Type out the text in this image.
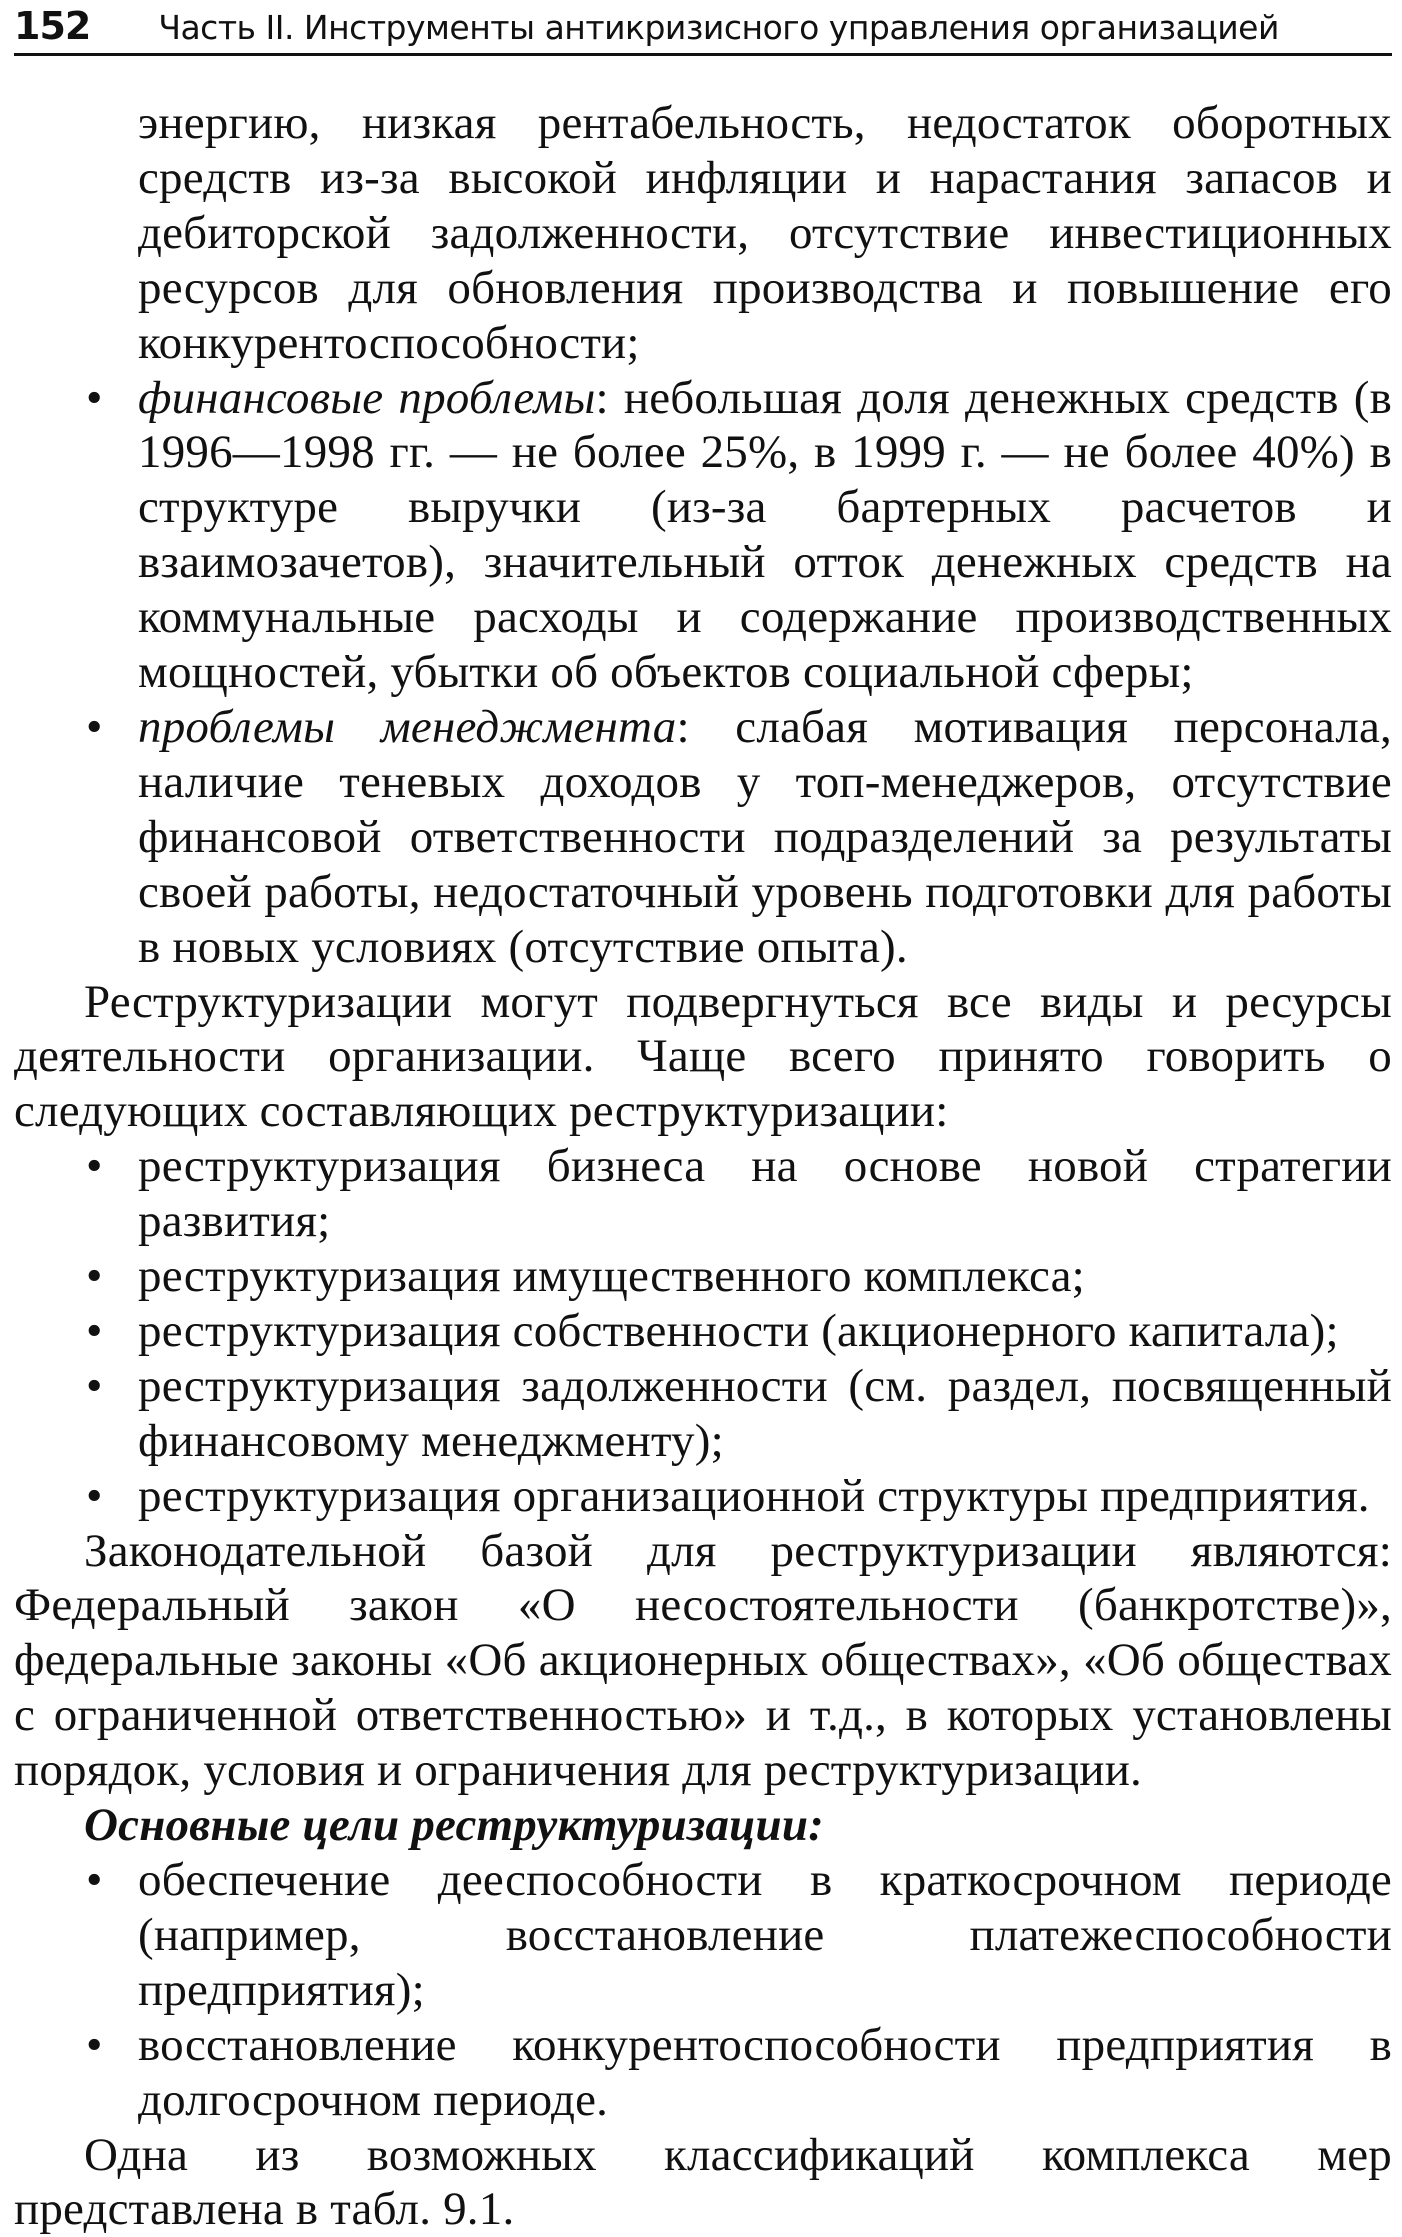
152 Часть II. Инструменты антикризисного управления организацией
энергию, низкая рентабельность, недостаток оборотных средств из-за высокой инфляции и нарастания запасов и дебиторской задолженности, отсутствие инвестиционных ресурсов для обновления производства и повышение его конкурентоспособности;
• финансовые проблемы: небольшая доля денежных средств (в 1996—1998 гг. — не более 25%, в 1999 г. — не более 40%) в структуре выручки (из-за бартерных расчетов и взаимозачетов), значительный отток денежных средств на коммунальные расходы и содержание производственных мощностей, убытки об объектов социальной сферы;
• проблемы менеджмента: слабая мотивация персонала, наличие теневых доходов у топ-менеджеров, отсутствие финансовой ответственности подразделений за результаты своей работы, недостаточный уровень подготовки для работы в новых условиях (отсутствие опыта).

Реструктуризации могут подвергнуться все виды и ресурсы деятельности организации. Чаще всего принято говорить о следующих составляющих реструктуризации:

• реструктуризация бизнеса на основе новой стратегии развития;
• реструктуризация имущественного комплекса;
• реструктуризация собственности (акционерного капитала);
• реструктуризация задолженности (см. раздел, посвященный финансовому менеджменту);
• реструктуризация организационной структуры предприятия.

Законодательной базой для реструктуризации являются: Федеральный закон «О несостоятельности (банкротстве)», федеральные законы «Об акционерных обществах», «Об обществах с ограниченной ответственностью» и т.д., в которых установлены порядок, условия и ограничения для реструктуризации.

Основные цели реструктуризации:

• обеспечение дееспособности в краткосрочном периоде (например, восстановление платежеспособности предприятия);
• восстановление конкурентоспособности предприятия в долгосрочном периоде.

Одна из возможных классификаций комплекса мер представлена в табл. 9.1.
